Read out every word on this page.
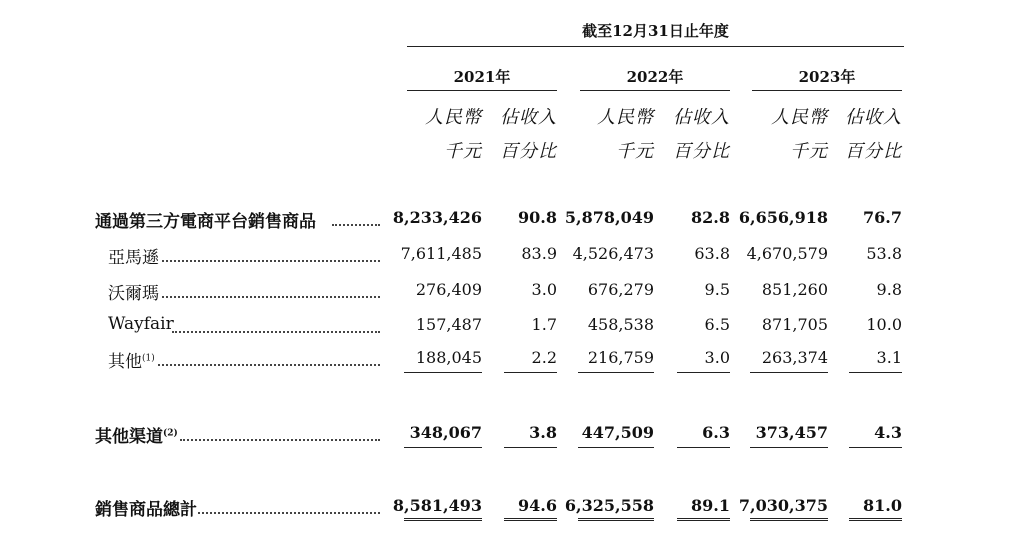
截至12月31日止年度
2021年	2022年	2023年
人民幣	佔收入	人民幣	佔收入	人民幣 佔收入
千元	百分比	千元	百分比	千元 百分比
通過第三方電商平台銷售商品	8,233,426	90.8 5,878,049	82.8 6,656,918	76.7
亞馬遜	7,611,485	83.9 4,526,473	63.8	4,670,579	53.8
沃爾瑪	276,409	3.0	676,279	9.5	851,260	9.8
Wayfair	157,487	1.7	458,538	6.5	871,705	10.0
其他$^{(1)}$	188,045	2.2	216,759	3.0	263,374	3.1
其他渠道$^{(2)}$	348,067	3.8	447,509	6.3	373,457	4.3
銷售商品總計	8,581,493	94.6 6,325,558	89.1 7,030,375	81.0
